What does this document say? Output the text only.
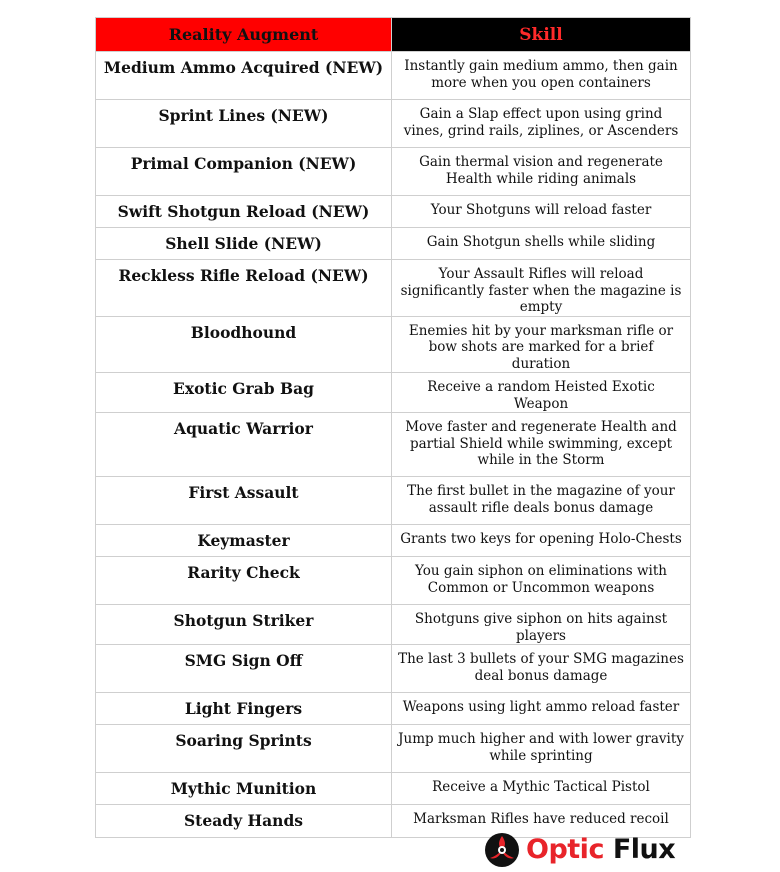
Reality Augment	Skill
Medium Ammo Acquired (NEW)	Instantly gain medium ammo, then gain more when you open containers
Sprint Lines (NEW)	Gain a Slap effect upon using grind vines, grind rails, ziplines, or Ascenders
Primal Companion (NEW)	Gain thermal vision and regenerate Health while riding animals
Swift Shotgun Reload (NEW)	Your Shotguns will reload faster
Shell Slide (NEW)	Gain Shotgun shells while sliding
Reckless Rifle Reload (NEW)	Your Assault Rifles will reload significantly faster when the magazine is empty
Bloodhound	Enemies hit by your marksman rifle or bow shots are marked for a brief duration
Exotic Grab Bag	Receive a random Heisted Exotic Weapon
Aquatic Warrior	Move faster and regenerate Health and partial Shield while swimming, except while in the Storm
First Assault	The first bullet in the magazine of your assault rifle deals bonus damage
Keymaster	Grants two keys for opening Holo-Chests
Rarity Check	You gain siphon on eliminations with Common or Uncommon weapons
Shotgun Striker	Shotguns give siphon on hits against players
SMG Sign Off	The last 3 bullets of your SMG magazines deal bonus damage
Light Fingers	Weapons using light ammo reload faster
Soaring Sprints	Jump much higher and with lower gravity while sprinting
Mythic Munition	Receive a Mythic Tactical Pistol
Steady Hands	Marksman Rifles have reduced recoil
Optic Flux
